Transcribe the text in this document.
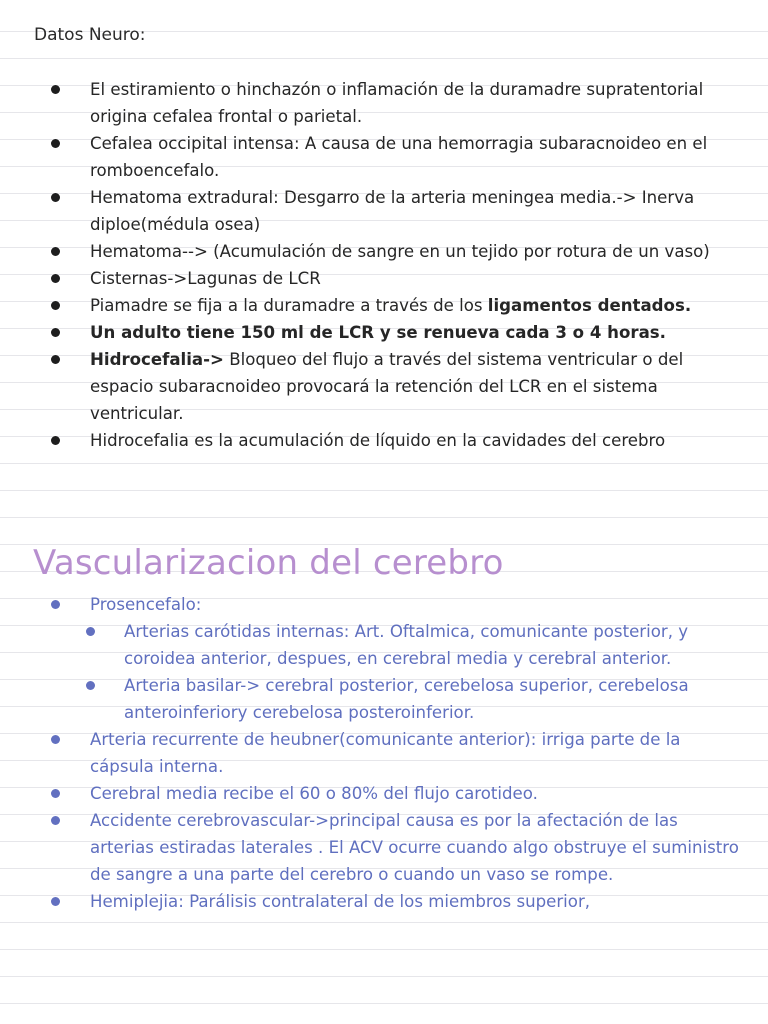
Datos Neuro:
El estiramiento o hinchazón o inflamación de la duramadre supratentorial origina cefalea frontal o parietal.
Cefalea occipital intensa: A causa de una hemorragia subaracnoideo en el romboencefalo.
Hematoma extradural: Desgarro de la arteria meningea media.-> Inerva diploe(médula osea)
Hematoma--> (Acumulación de sangre en un tejido por rotura de un vaso)
Cisternas->Lagunas de LCR
Piamadre se fija a la duramadre a través de los ligamentos dentados.
Un adulto tiene 150 ml de LCR y se renueva cada 3 o 4 horas.
Hidrocefalia-> Bloqueo del flujo a través del sistema ventricular o del espacio subaracnoideo provocará la retención del LCR en el sistema ventricular.
Hidrocefalia es la acumulación de líquido en la cavidades del cerebro
Vascularizacion del cerebro
Prosencefalo:
Arterias carótidas internas: Art. Oftalmica, comunicante posterior, y coroidea anterior, despues, en cerebral media y cerebral anterior.
Arteria basilar-> cerebral posterior, cerebelosa superior, cerebelosa anteroinferiory cerebelosa posteroinferior.
Arteria recurrente de heubner(comunicante anterior): irriga parte de la cápsula interna.
Cerebral media recibe el 60 o 80% del flujo carotideo.
Accidente cerebrovascular->principal causa es por la afectación de las arterias estiradas laterales . El ACV ocurre cuando algo obstruye el suministro de sangre a una parte del cerebro o cuando un vaso se rompe.
Hemiplejia: Parálisis contralateral de los miembros superior,
